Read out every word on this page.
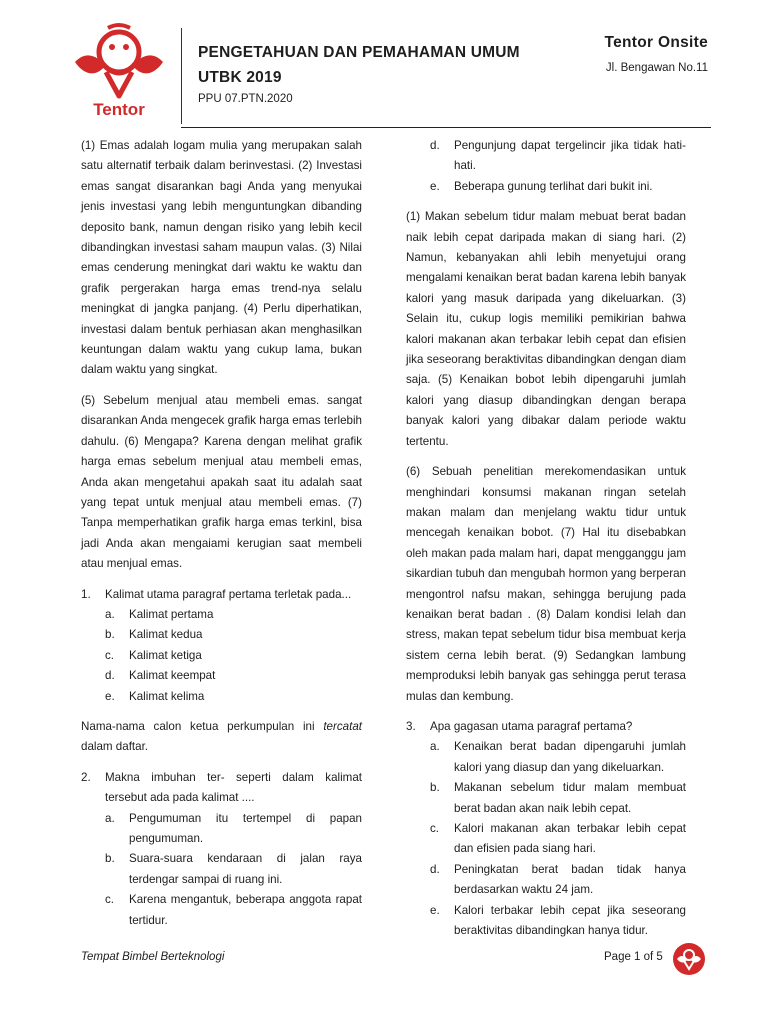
Tentor
PENGETAHUAN DAN PEMAHAMAN UMUM
UTBK 2019
PPU 07.PTN.2020
Tentor Onsite
Jl. Bengawan No.11

(1) Emas adalah logam mulia yang merupakan salah satu alternatif terbaik dalam berinvestasi. (2) Investasi emas sangat disarankan bagi Anda yang menyukai jenis investasi yang lebih menguntungkan dibanding deposito bank, namun dengan risiko yang lebih kecil dibandingkan investasi saham maupun valas. (3) Nilai emas cenderung meningkat dari waktu ke waktu dan grafik pergerakan harga emas trend-nya selalu meningkat di jangka panjang. (4) Perlu diperhatikan, investasi dalam bentuk perhiasan akan menghasilkan keuntungan dalam waktu yang cukup lama, bukan dalam waktu yang singkat.

(5) Sebelum menjual atau membeli emas. sangat disarankan Anda mengecek grafik harga emas terlebih dahulu. (6) Mengapa? Karena dengan melihat grafik harga emas sebelum menjual atau membeli emas, Anda akan mengetahui apakah saat itu adalah saat yang tepat untuk menjual atau membeli emas. (7) Tanpa memperhatikan grafik harga emas terkinl, bisa jadi Anda akan mengaiami kerugian saat membeli atau menjual emas.

1.	Kalimat utama paragraf pertama terletak pada...
a.	Kalimat pertama
b.	Kalimat kedua
c.	Kalimat ketiga
d.	Kalimat keempat
e.	Kalimat kelima

Nama-nama calon ketua perkumpulan ini tercatat dalam daftar.

2.	Makna imbuhan ter- seperti dalam kalimat tersebut ada pada kalimat ....
a.	Pengumuman itu tertempel di papan pengumuman.
b.	Suara-suara kendaraan di jalan raya terdengar sampai di ruang ini.
c.	Karena mengantuk, beberapa anggota rapat tertidur.
d.	Pengunjung dapat tergelincir jika tidak hati-hati.
e.	Beberapa gunung terlihat dari bukit ini.

(1) Makan sebelum tidur malam mebuat berat badan naik lebih cepat daripada makan di siang hari. (2) Namun, kebanyakan ahli lebih menyetujui orang mengalami kenaikan berat badan karena lebih banyak kalori yang masuk daripada yang dikeluarkan. (3) Selain itu, cukup logis memiliki pemikirian bahwa kalori makanan akan terbakar lebih cepat dan efisien jika seseorang beraktivitas dibandingkan dengan diam saja. (5) Kenaikan bobot lebih dipengaruhi jumlah kalori yang diasup dibandingkan dengan berapa banyak kalori yang dibakar dalam periode waktu tertentu.

(6) Sebuah penelitian merekomendasikan untuk menghindari konsumsi makanan ringan setelah makan malam dan menjelang waktu tidur untuk mencegah kenaikan bobot. (7) Hal itu disebabkan oleh makan pada malam hari, dapat mengganggu jam sikardian tubuh dan mengubah hormon yang berperan mengontrol nafsu makan, sehingga berujung pada kenaikan berat badan . (8) Dalam kondisi lelah dan stress, makan tepat sebelum tidur bisa membuat kerja sistem cerna lebih berat. (9) Sedangkan lambung memproduksi lebih banyak gas sehingga perut terasa mulas dan kembung.

3.	Apa gagasan utama paragraf pertama?
a.	Kenaikan berat badan dipengaruhi jumlah kalori yang diasup dan yang dikeluarkan.
b.	Makanan sebelum tidur malam membuat berat badan akan naik lebih cepat.
c.	Kalori makanan akan terbakar lebih cepat dan efisien pada siang hari.
d.	Peningkatan berat badan tidak hanya berdasarkan waktu 24 jam.
e.	Kalori terbakar lebih cepat jika seseorang beraktivitas dibandingkan hanya tidur.
Tempat Bimbel Berteknologi	Page 1 of 5
